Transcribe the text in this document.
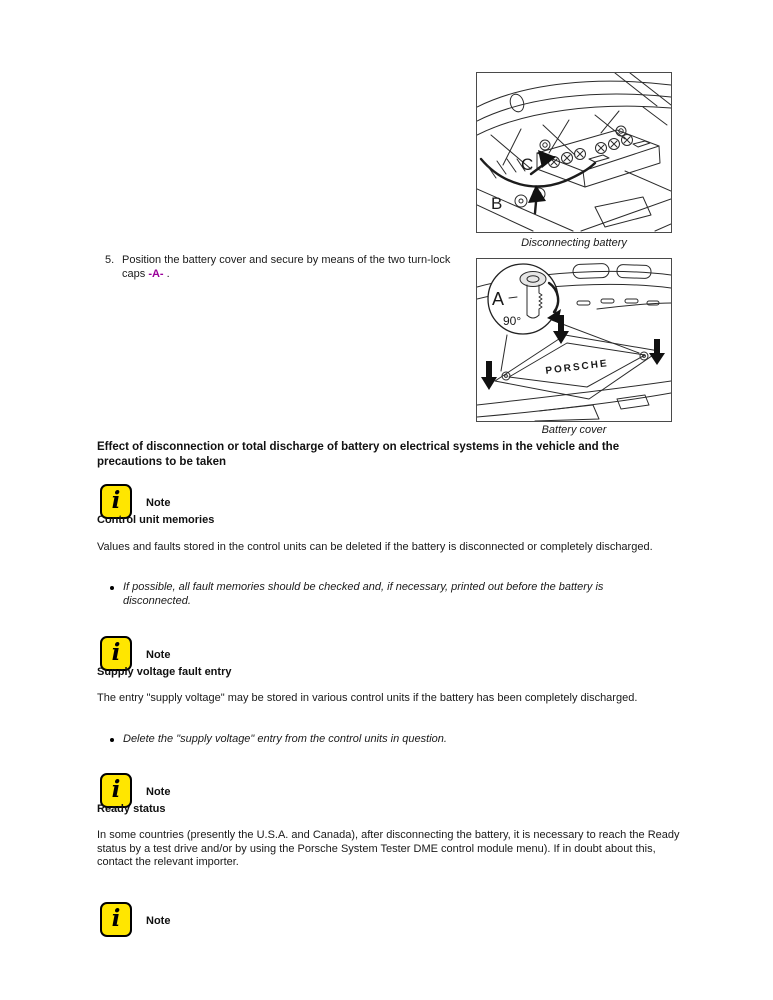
C
B
Disconnecting battery
5. Position the battery cover and secure by means of the two turn-lock caps -A- .
PORSCHE
A
90°
Battery cover
Effect of disconnection or total discharge of battery on electrical systems in the vehicle and the precautions to be taken
i Note
Control unit memories
Values and faults stored in the control units can be deleted if the battery is disconnected or completely discharged.
If possible, all fault memories should be checked and, if necessary, printed out before the battery is disconnected.
i Note
Supply voltage fault entry
The entry "supply voltage" may be stored in various control units if the battery has been completely discharged.
Delete the "supply voltage" entry from the control units in question.
i Note
Ready status
In some countries (presently the U.S.A. and Canada), after disconnecting the battery, it is necessary to reach the Ready status by a test drive and/or by using the Porsche System Tester DME control module menu). If in doubt about this, contact the relevant importer.
i Note
